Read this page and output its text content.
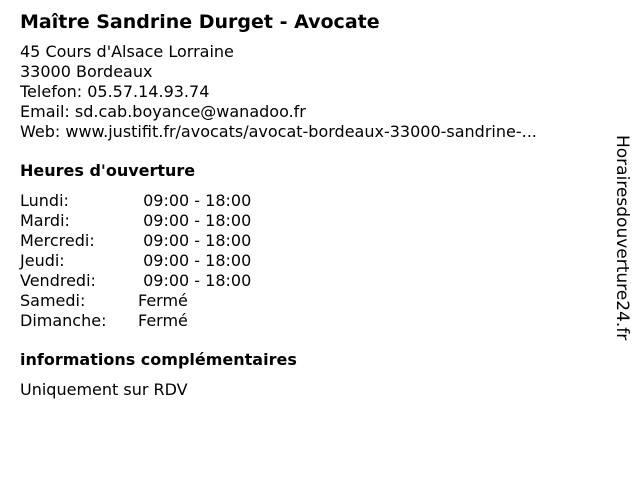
Maître Sandrine Durget - Avocate
45 Cours d'Alsace Lorraine
33000 Bordeaux
Telefon: 05.57.14.93.74
Email: sd.cab.boyance@wanadoo.fr
Web: www.justifit.fr/avocats/avocat-bordeaux-33000-sandrine-...
Heures d'ouverture
Lundi:	09:00 - 18:00
Mardi:	09:00 - 18:00
Mercredi:	09:00 - 18:00
Jeudi:	09:00 - 18:00
Vendredi:	09:00 - 18:00
Samedi:	Fermé
Dimanche:	Fermé
informations complémentaires
Uniquement sur RDV
Horairesdouverture24.fr
